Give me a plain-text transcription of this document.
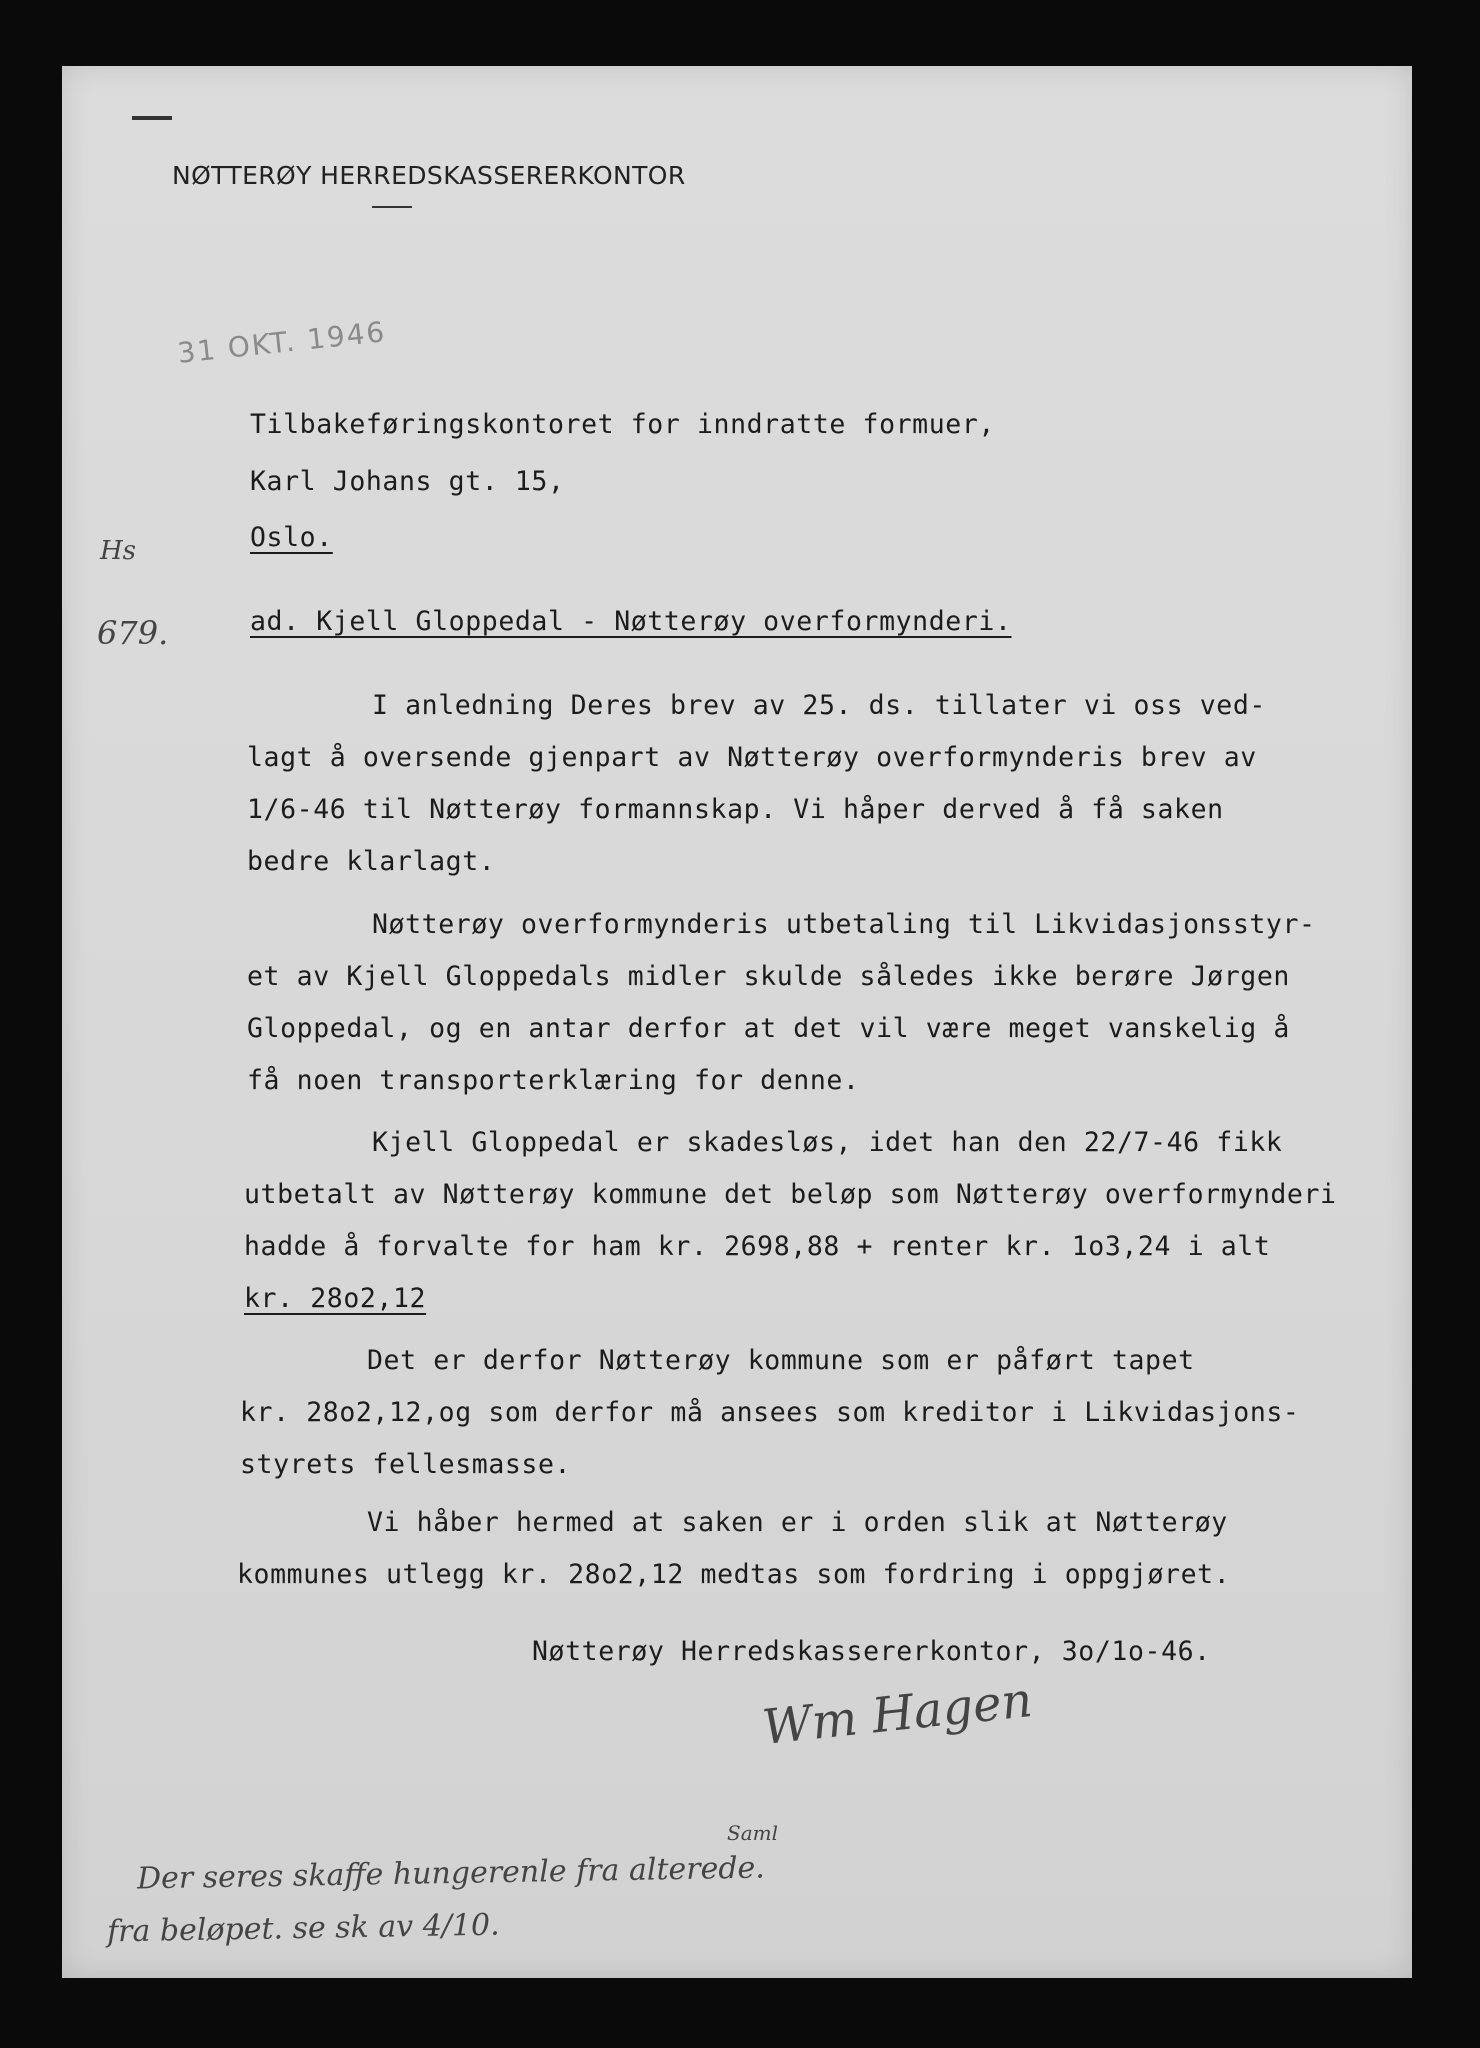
NØTTERØY HERREDSKASSERERKONTOR
31 OKT. 1946
Hs
679.
Tilbakeføringskontoret for inndratte formuer,
Karl Johans gt. 15,
Oslo.
ad. Kjell Gloppedal - Nøtterøy overformynderi.
I anledning Deres brev av 25. ds. tillater vi oss ved-
lagt å oversende gjenpart av Nøtterøy overformynderis brev av
1/6-46 til Nøtterøy formannskap. Vi håper derved å få saken
bedre klarlagt.
Nøtterøy overformynderis utbetaling til Likvidasjonsstyr-
et av Kjell Gloppedals midler skulde således ikke berøre Jørgen
Gloppedal, og en antar derfor at det vil være meget vanskelig å
få noen transporterklæring for denne.
Kjell Gloppedal er skadesløs, idet han den 22/7-46 fikk
utbetalt av Nøtterøy kommune det beløp som Nøtterøy overformynderi
hadde å forvalte for ham kr. 2698,88 + renter kr. 1o3,24 i alt
kr. 28o2,12
Det er derfor Nøtterøy kommune som er påført tapet
kr. 28o2,12,og som derfor må ansees som kreditor i Likvidasjons-
styrets fellesmasse.
Vi håber hermed at saken er i orden slik at Nøtterøy
kommunes utlegg kr. 28o2,12 medtas som fordring i oppgjøret.
Nøtterøy Herredskassererkontor, 3o/1o-46.
Wm Hagen
Saml
Der seres skaffe hungerenle fra alterede.
fra beløpet. se sk av 4/10.
